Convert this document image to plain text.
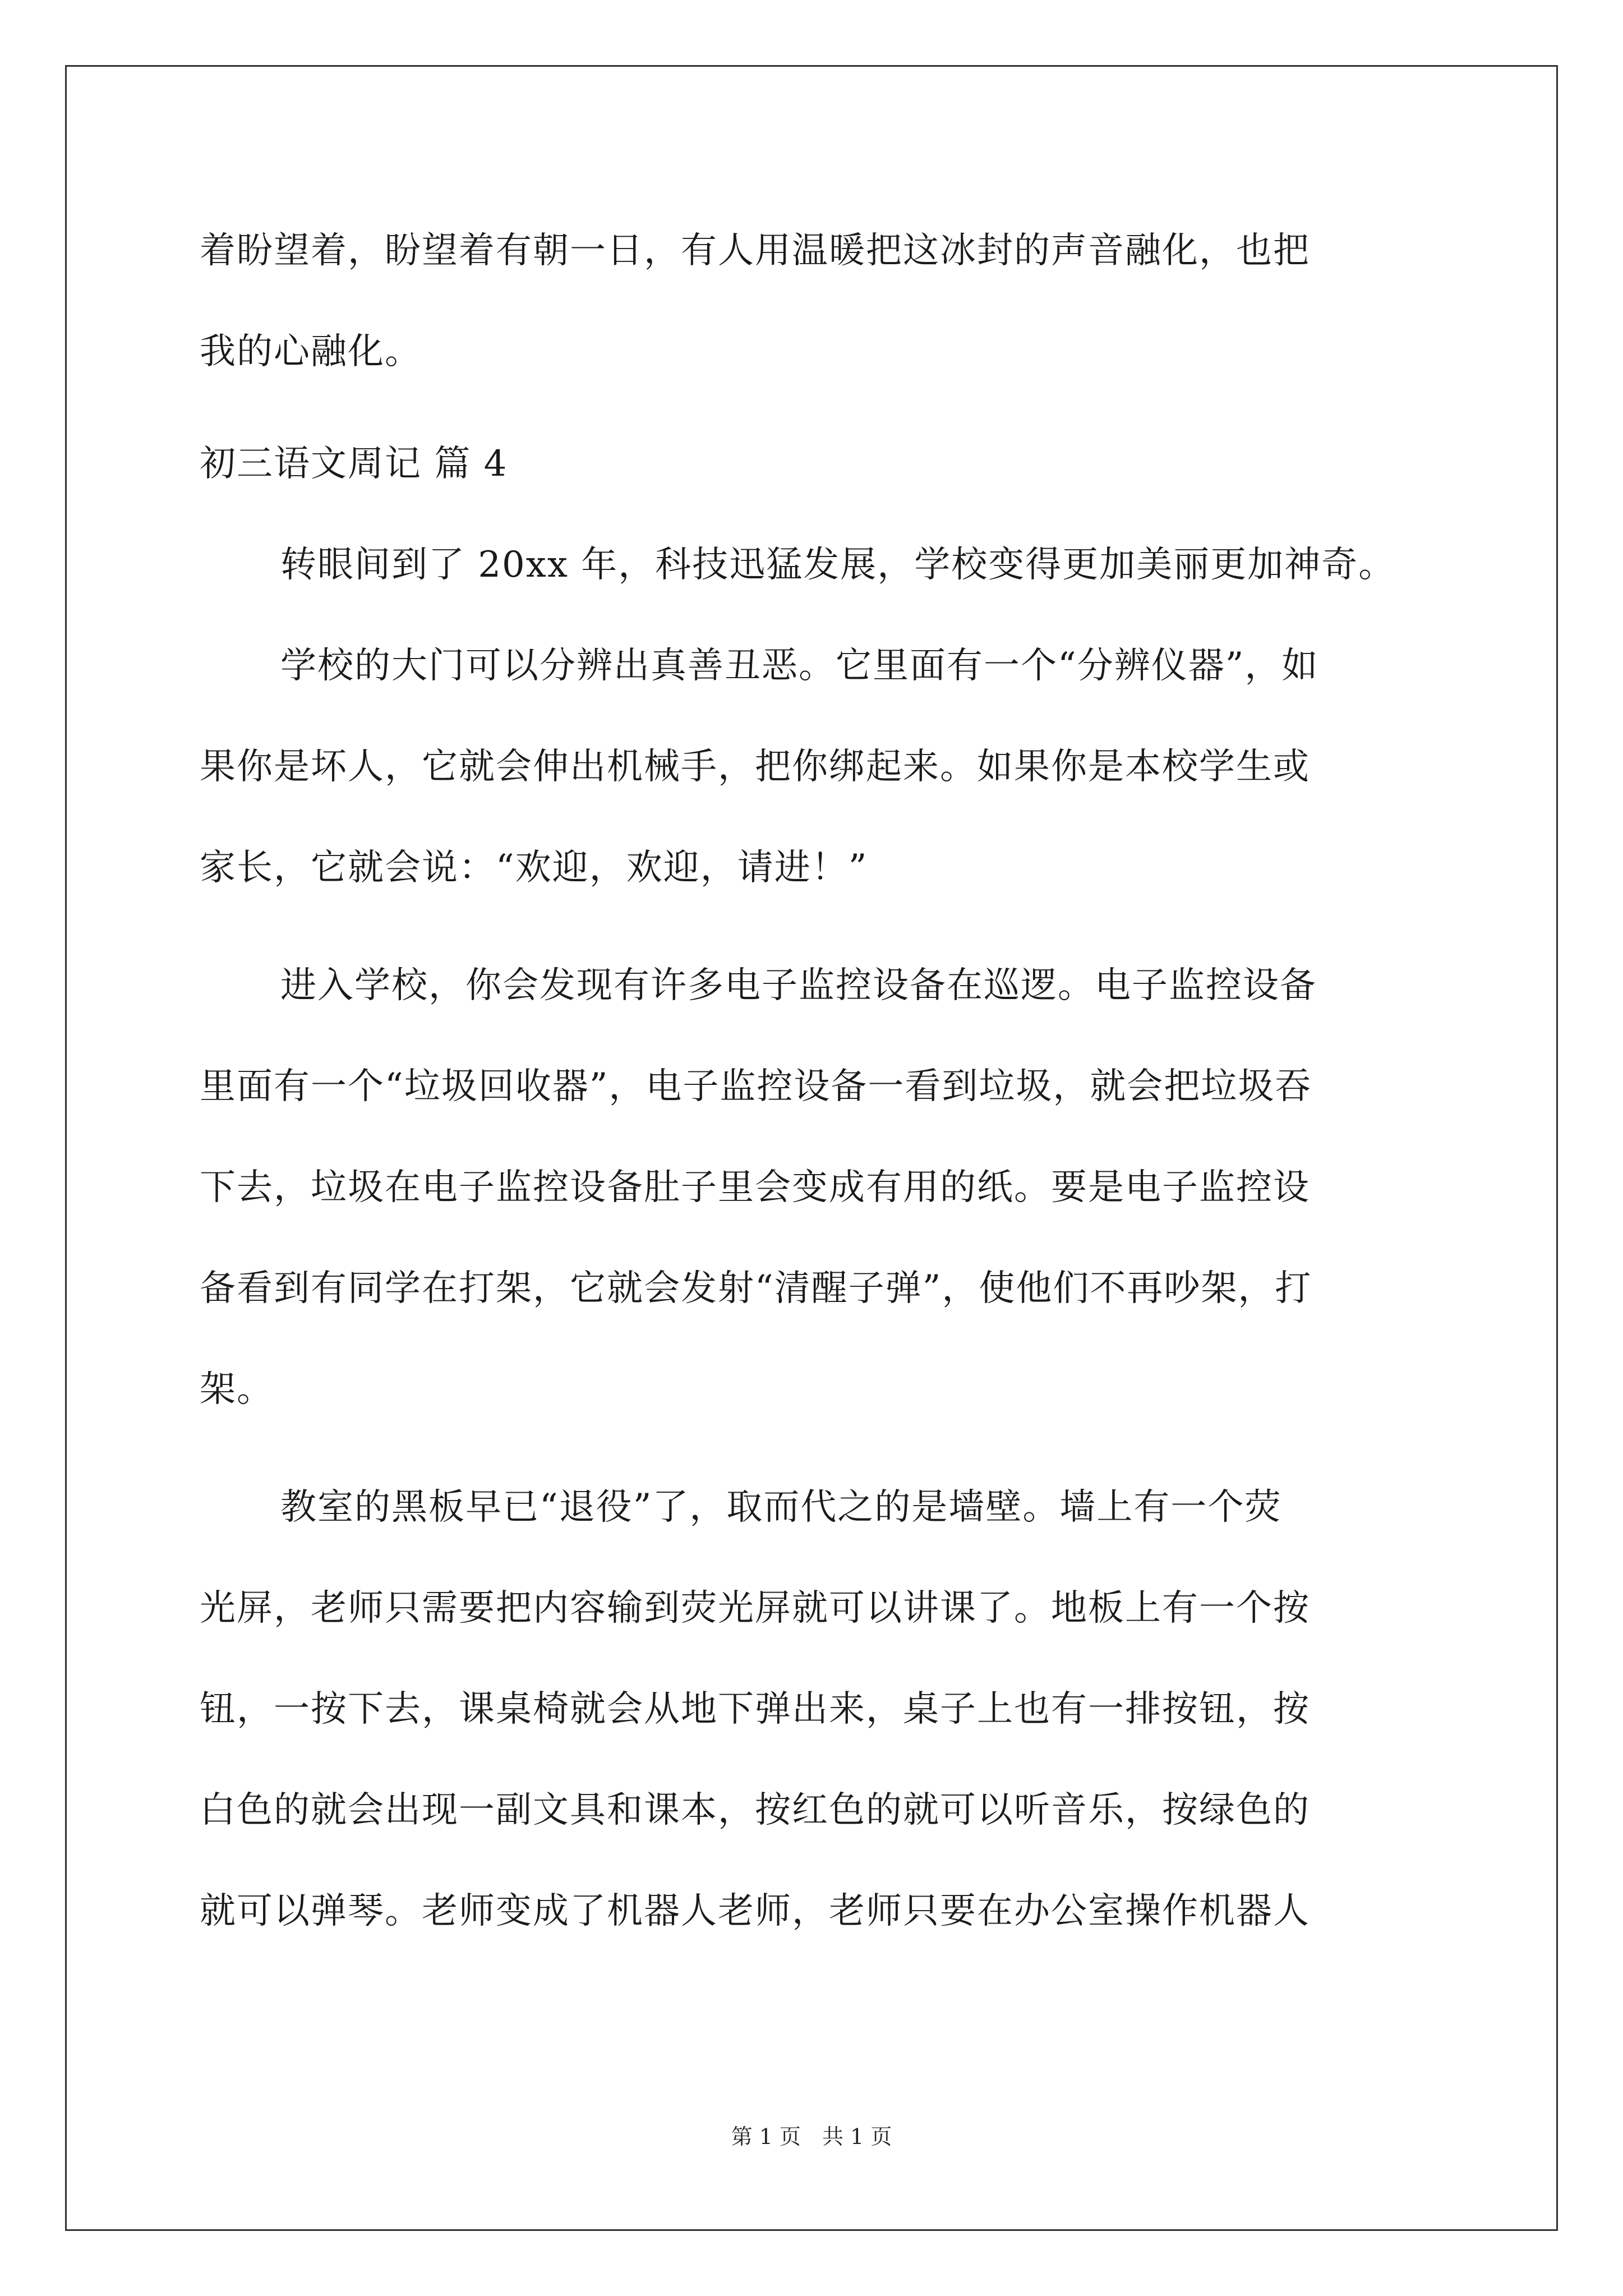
着盼望着，盼望着有朝一日，有人用温暖把这冰封的声音融化，也把
我的心融化。
初三语文周记 篇 4
转眼间到了 20xx 年，科技迅猛发展，学校变得更加美丽更加神奇。
学校的大门可以分辨出真善丑恶。它里面有一个“分辨仪器”，如
果你是坏人，它就会伸出机械手，把你绑起来。如果你是本校学生或
家长，它就会说：“欢迎，欢迎，请进！”
进入学校，你会发现有许多电子监控设备在巡逻。电子监控设备
里面有一个“垃圾回收器”，电子监控设备一看到垃圾，就会把垃圾吞
下去，垃圾在电子监控设备肚子里会变成有用的纸。要是电子监控设
备看到有同学在打架，它就会发射“清醒子弹”，使他们不再吵架，打
架。
教室的黑板早已“退役”了，取而代之的是墙壁。墙上有一个荧
光屏，老师只需要把内容输到荧光屏就可以讲课了。地板上有一个按
钮，一按下去，课桌椅就会从地下弹出来，桌子上也有一排按钮，按
白色的就会出现一副文具和课本，按红色的就可以听音乐，按绿色的
就可以弹琴。老师变成了机器人老师，老师只要在办公室操作机器人
第 1 页　共 1 页
